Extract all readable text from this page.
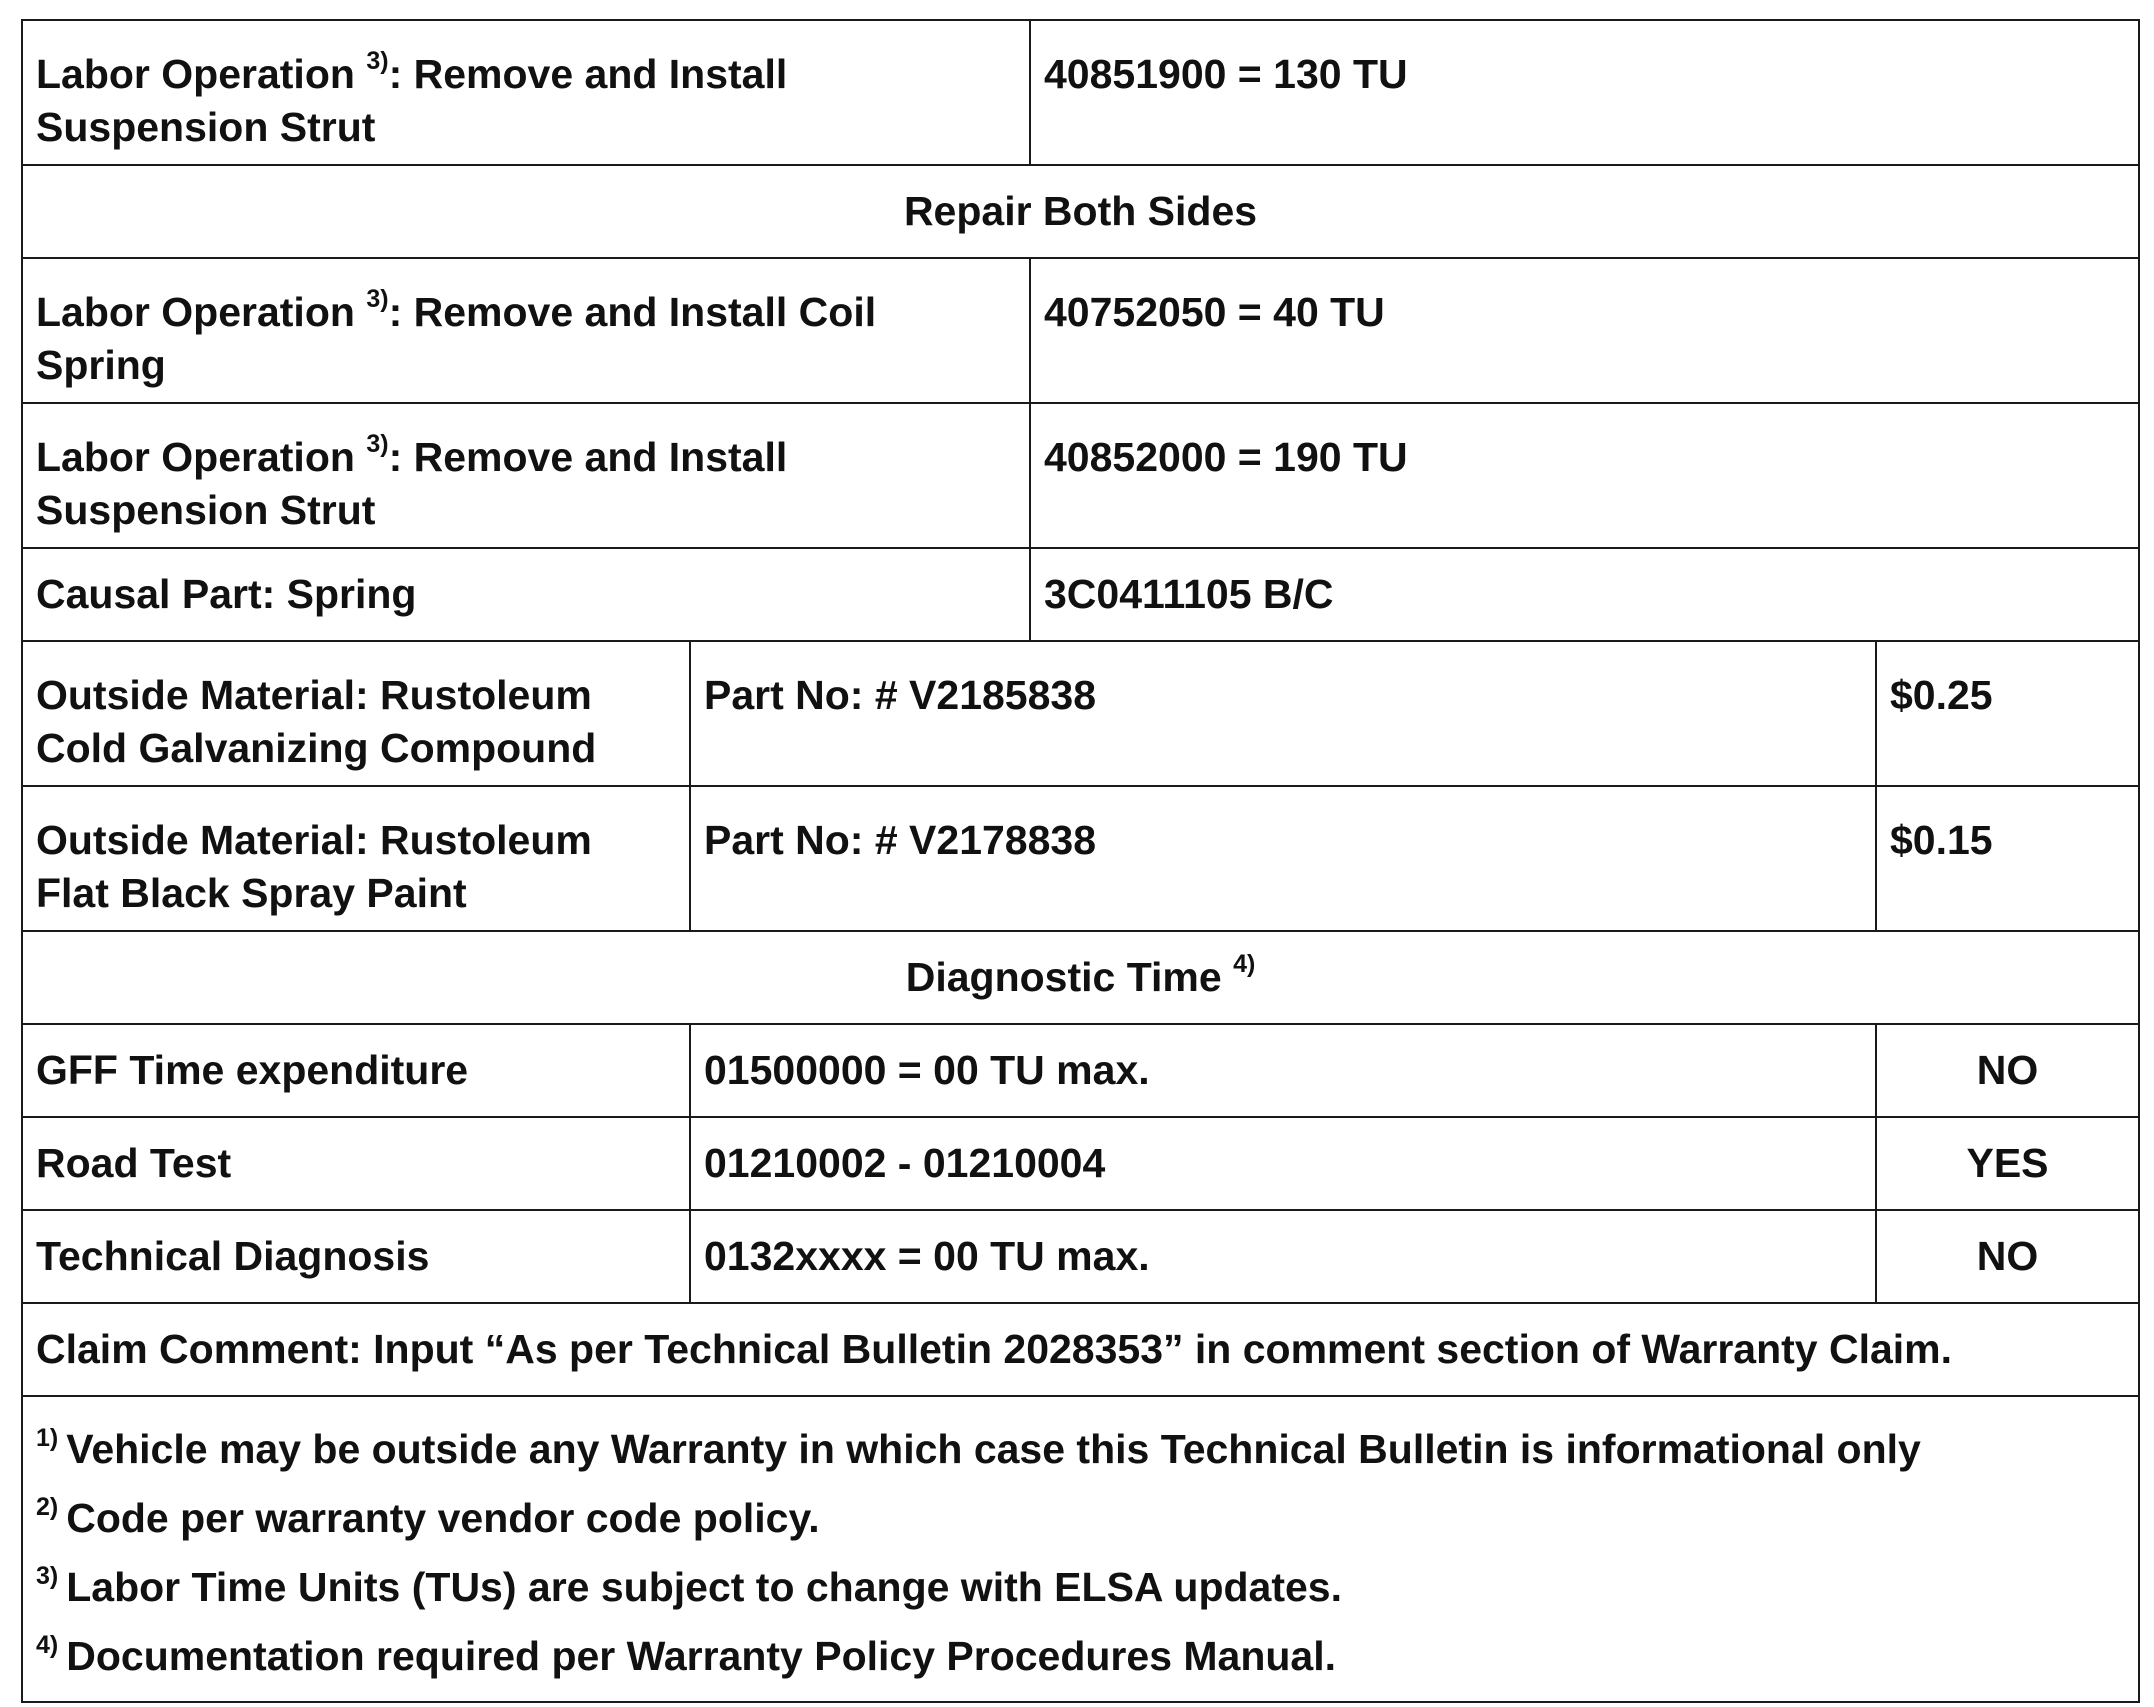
Labor Operation $^{3)}$: Remove and Install
Suspension Strut		40851900 = 130 TU	
Repair Both Sides			
Labor Operation $^{3)}$: Remove and Install Coil
Spring		40752050 = 40 TU	
Labor Operation $^{3)}$: Remove and Install
Suspension Strut		40852000 = 190 TU	
Causal Part: Spring		3C0411105 B/C	
Outside Material: Rustoleum
Cold Galvanizing Compound	Part No: # V2185838		$0.25
Outside Material: Rustoleum
Flat Black Spray Paint	Part No: # V2178838		$0.15
Diagnostic Time $^{4)}$
GFF Time expenditure	01500000 = 00 TU max.		NO
Road Test	01210002 - 01210004		YES
Technical Diagnosis	0132xxxx = 00 TU max.		NO
Claim Comment: Input “As per Technical Bulletin 2028353” in comment section of Warranty Claim.			

$^{1)}$ Vehicle may be outside any Warranty in which case this Technical Bulletin is informational only
$^{2)}$ Code per warranty vendor code policy.
$^{3)}$ Labor Time Units (TUs) are subject to change with ELSA updates.
$^{4)}$ Documentation required per Warranty Policy Procedures Manual.			
